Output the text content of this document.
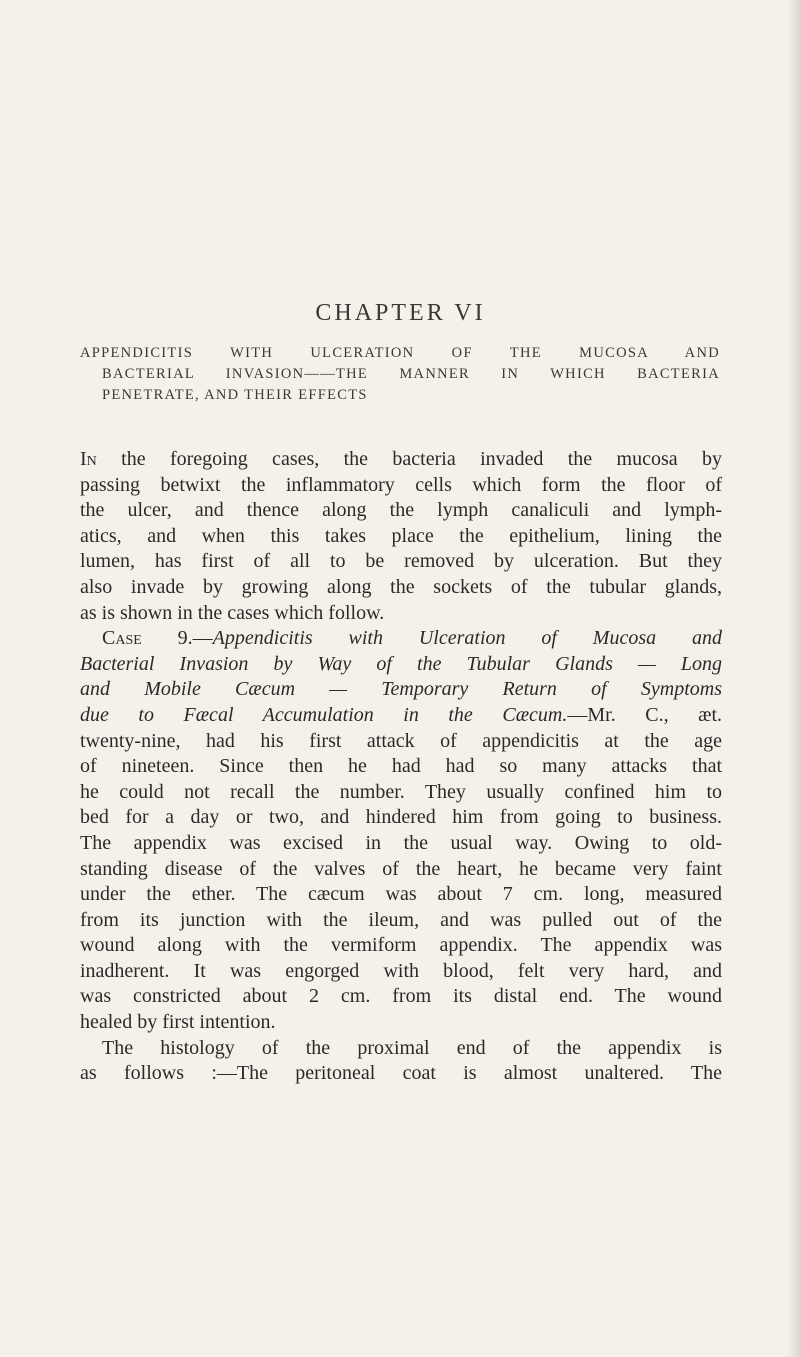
CHAPTER VI
APPENDICITIS WITH ULCERATION OF THE MUCOSA AND
BACTERIAL INVASION——THE MANNER IN WHICH BACTERIA
PENETRATE, AND THEIR EFFECTS
In the foregoing cases, the bacteria invaded the mucosa by
passing betwixt the inflammatory cells which form the floor of
the ulcer, and thence along the lymph canaliculi and lymph-
atics, and when this takes place the epithelium, lining the
lumen, has first of all to be removed by ulceration. But they
also invade by growing along the sockets of the tubular glands,
as is shown in the cases which follow.
Case 9.—Appendicitis with Ulceration of Mucosa and
Bacterial Invasion by Way of the Tubular Glands — Long
and Mobile Cæcum — Temporary Return of Symptoms
due to Fæcal Accumulation in the Cæcum.—Mr. C., æt.
twenty-nine, had his first attack of appendicitis at the age
of nineteen. Since then he had had so many attacks that
he could not recall the number. They usually confined him to
bed for a day or two, and hindered him from going to business.
The appendix was excised in the usual way. Owing to old-
standing disease of the valves of the heart, he became very faint
under the ether. The cæcum was about 7 cm. long, measured
from its junction with the ileum, and was pulled out of the
wound along with the vermiform appendix. The appendix was
inadherent. It was engorged with blood, felt very hard, and
was constricted about 2 cm. from its distal end. The wound
healed by first intention.
The histology of the proximal end of the appendix is
as follows :—The peritoneal coat is almost unaltered. The
